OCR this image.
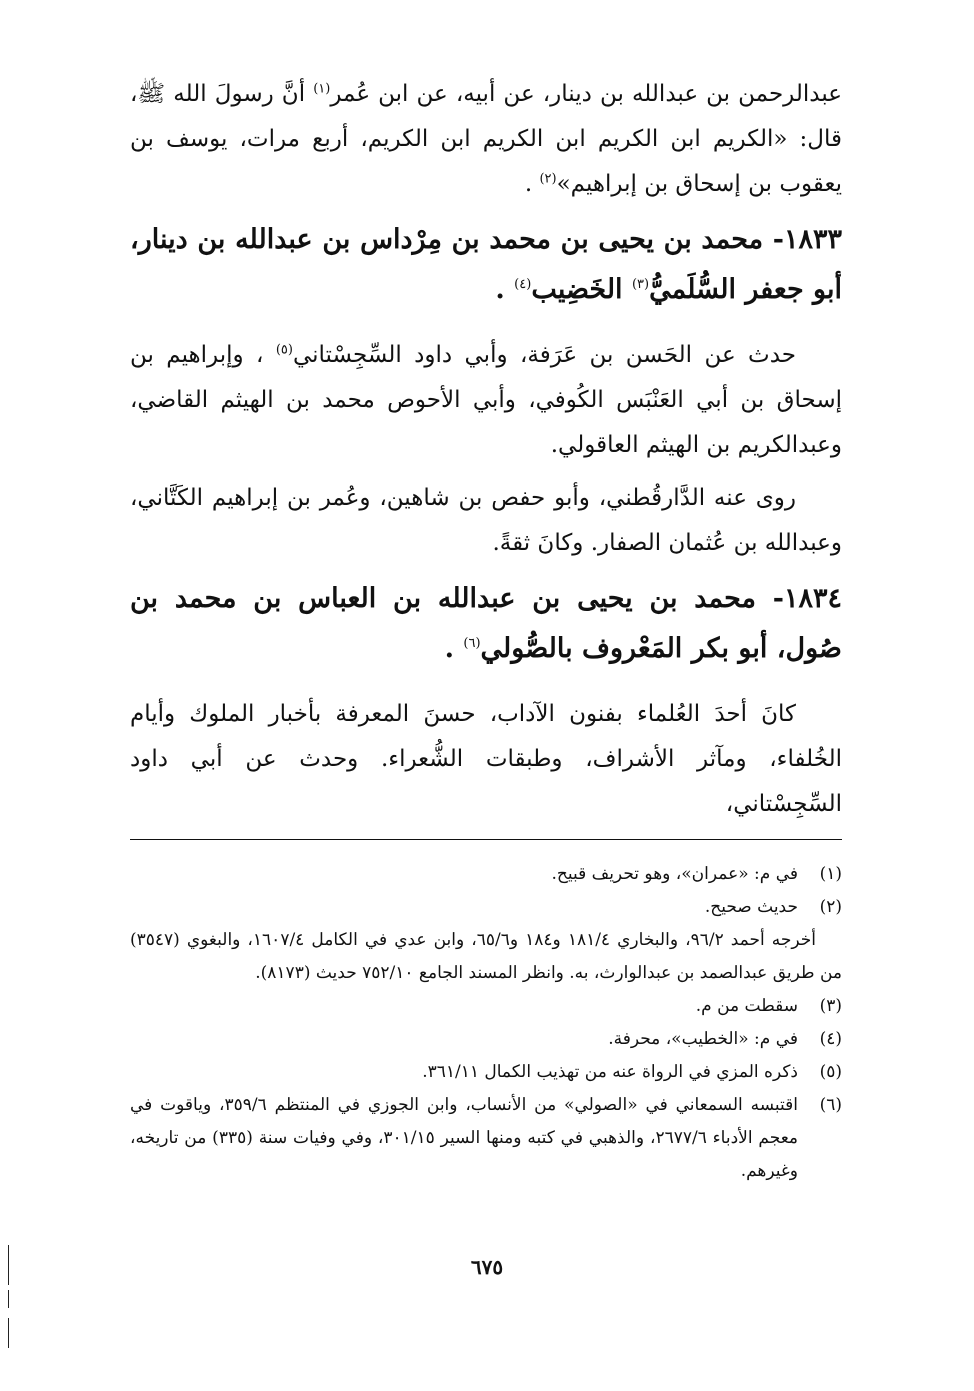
عبدالرحمن بن عبدالله بن دينار، عن أبيه، عن ابن عُمر$^{(١)}$ أنَّ رسولَ الله ﷺ، قال: «الكريم ابن الكريم ابن الكريم ابن الكريم، أربع مرات، يوسف بن يعقوب بن إسحاق بن إبراهيم»$^{(٢)}$ .

١٨٣٣- محمد بن يحيى بن محمد بن مِرْداس بن عبدالله بن دينار، أبو جعفر السُّلَميُّ$^{(٣)}$ الخَضِيب$^{(٤)}$ .

حدث عن الحَسن بن عَرَفة، وأبي داود السِّجِسْتاني$^{(٥)}$ ، وإبراهيم بن إسحاق بن أبي العَنْبَس الكُوفي، وأبي الأحوص محمد بن الهيثم القاضي، وعبدالكريم بن الهيثم العاقولي.

روى عنه الدَّارقُطني، وأبو حفص بن شاهين، وعُمر بن إبراهيم الكَتَّاني، وعبدالله بن عُثمان الصفار. وكانَ ثقةً.

١٨٣٤- محمد بن يحيى بن عبدالله بن العباس بن محمد بن صُول، أبو بكر المَعْروف بالصُّولي$^{(٦)}$ .

كانَ أحدَ العُلماء بفنون الآداب، حسنَ المعرفة بأخبار الملوك وأيام الخُلفاء، ومآثر الأشراف، وطبقات الشُّعراء. وحدث عن أبي داود السِّجِسْتاني،

(١)
في م: «عمران»، وهو تحريف قبيح.
(٢)
حديث صحيح.
أخرجه أحمد ٩٦/٢، والبخاري ١٨١/٤ و١٨٤ و٦٥/٦، وابن عدي في الكامل ١٦٠٧/٤، والبغوي (٣٥٤٧) من طريق عبدالصمد بن عبدالوارث، به. وانظر المسند الجامع ٧٥٢/١٠ حديث (٨١٧٣).
(٣)
سقطت من م.
(٤)
في م: «الخطيب»، محرفة.
(٥)
ذكره المزي في الرواة عنه من تهذيب الكمال ٣٦١/١١.
(٦)
اقتبسه السمعاني في «الصولي» من الأنساب، وابن الجوزي في المنتظم ٣٥٩/٦، وياقوت في معجم الأدباء ٢٦٧٧/٦، والذهبي في كتبه ومنها السير ٣٠١/١٥، وفي وفيات سنة (٣٣٥) من تاريخه، وغيرهم.
٦٧٥
